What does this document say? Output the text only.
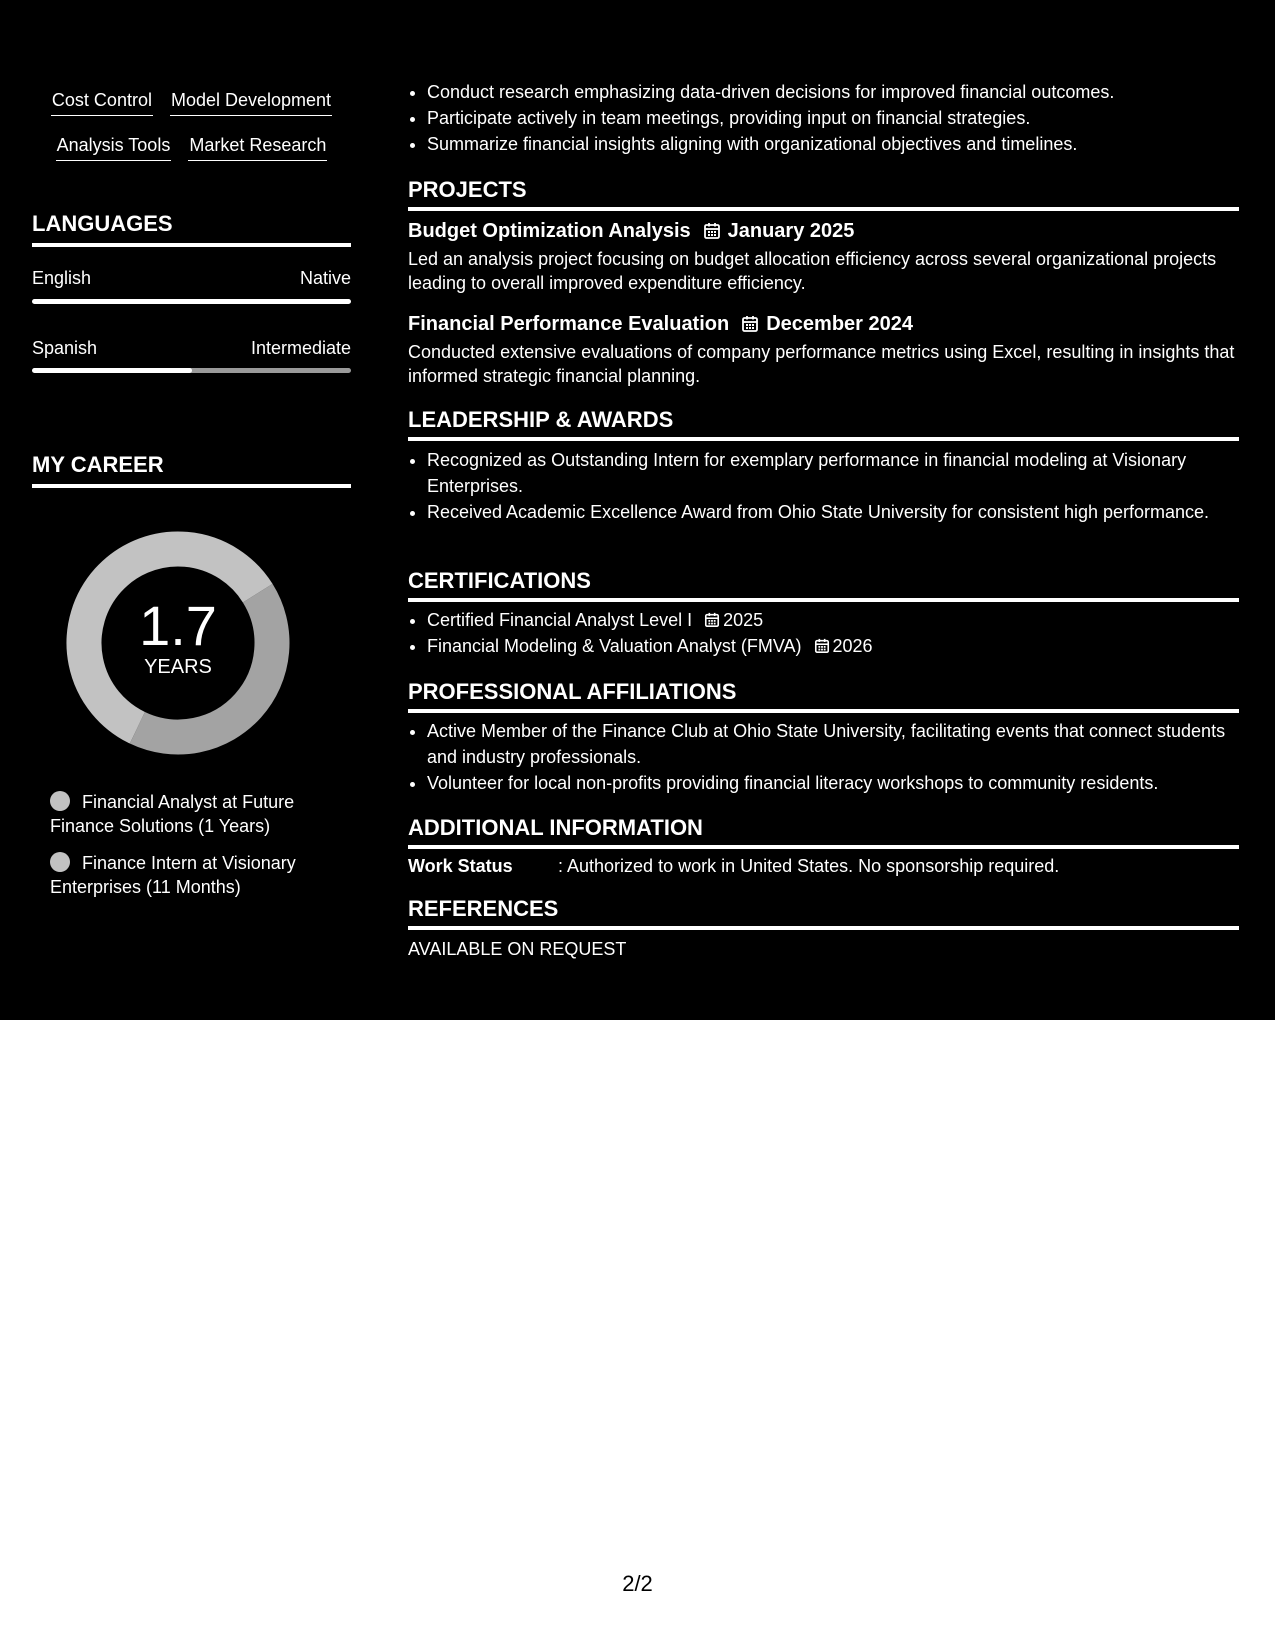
Cost Control Model Development
Analysis Tools Market Research
LANGUAGES
English	Native
Spanish	Intermediate
MY CAREER
1.7
YEARS
Financial Analyst at Future Finance Solutions (1 Years)
Finance Intern at Visionary Enterprises (11 Months)
• Conduct research emphasizing data-driven decisions for improved financial outcomes.
• Participate actively in team meetings, providing input on financial strategies.
• Summarize financial insights aligning with organizational objectives and timelines.
PROJECTS
Budget Optimization Analysis January 2025
Led an analysis project focusing on budget allocation efficiency across several organizational projects leading to overall improved expenditure efficiency.
Financial Performance Evaluation December 2024
Conducted extensive evaluations of company performance metrics using Excel, resulting in insights that informed strategic financial planning.
LEADERSHIP & AWARDS
• Recognized as Outstanding Intern for exemplary performance in financial modeling at Visionary Enterprises.
• Received Academic Excellence Award from Ohio State University for consistent high performance.
CERTIFICATIONS
• Certified Financial Analyst Level I 2025
• Financial Modeling & Valuation Analyst (FMVA) 2026
PROFESSIONAL AFFILIATIONS
• Active Member of the Finance Club at Ohio State University, facilitating events that connect students and industry professionals.
• Volunteer for local non-profits providing financial literacy workshops to community residents.
ADDITIONAL INFORMATION
Work Status	: Authorized to work in United States. No sponsorship required.
REFERENCES
AVAILABLE ON REQUEST
2/2
